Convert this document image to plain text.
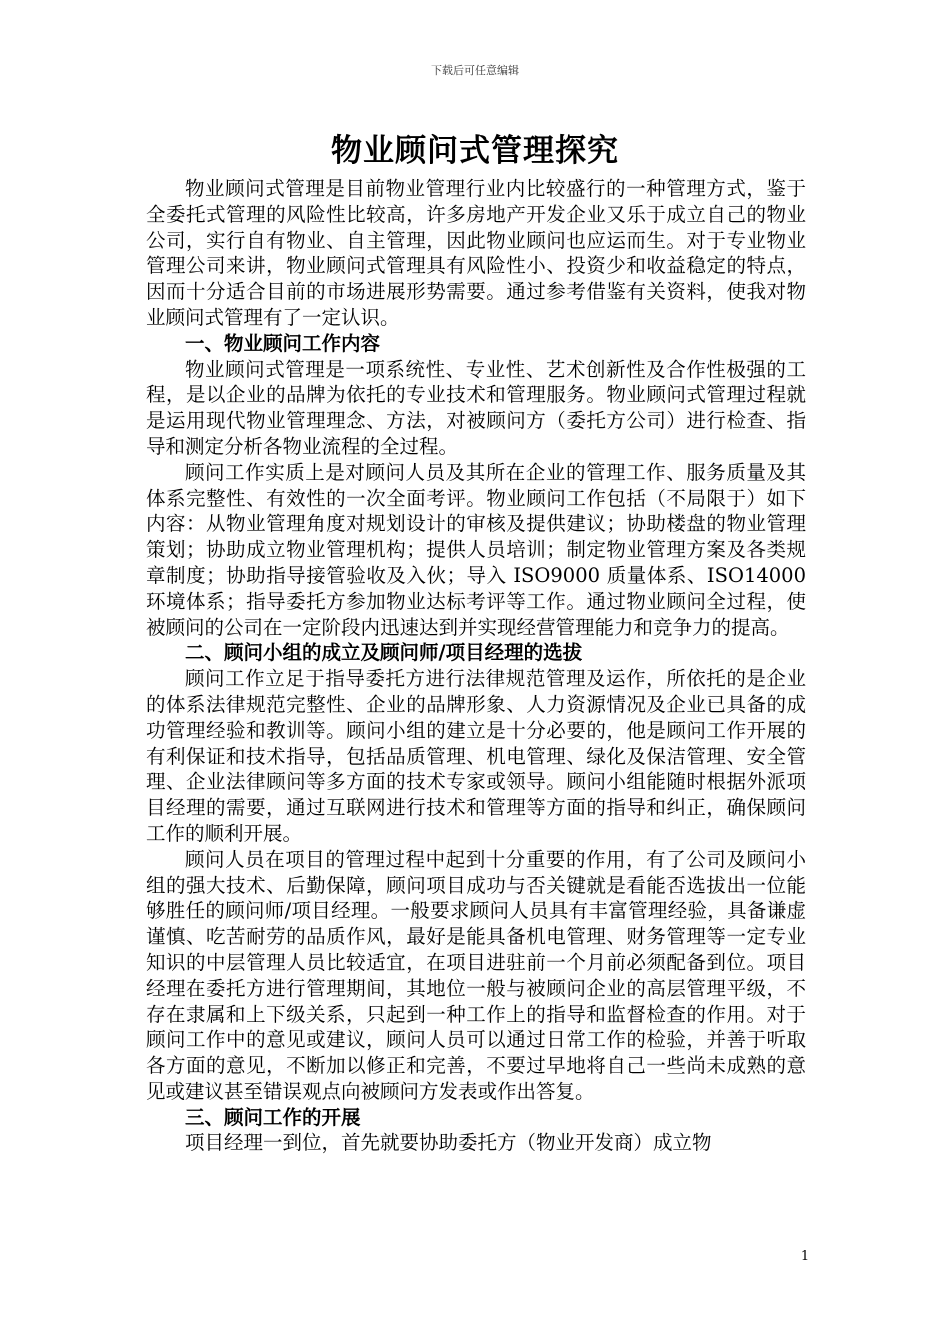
下载后可任意编辑
物业顾问式管理探究

物业顾问式管理是目前物业管理行业内比较盛行的一种管理方式，鉴于全委托式管理的风险性比较高，许多房地产开发企业又乐于成立自己的物业公司，实行自有物业、自主管理，因此物业顾问也应运而生。对于专业物业管理公司来讲，物业顾问式管理具有风险性小、投资少和收益稳定的特点，因而十分适合目前的市场进展形势需要。通过参考借鉴有关资料，使我对物业顾问式管理有了一定认识。

一、物业顾问工作内容

物业顾问式管理是一项系统性、专业性、艺术创新性及合作性极强的工程，是以企业的品牌为依托的专业技术和管理服务。物业顾问式管理过程就是运用现代物业管理理念、方法，对被顾问方（委托方公司）进行检查、指导和测定分析各物业流程的全过程。

顾问工作实质上是对顾问人员及其所在企业的管理工作、服务质量及其体系完整性、有效性的一次全面考评。物业顾问工作包括（不局限于）如下内容：从物业管理角度对规划设计的审核及提供建议；协助楼盘的物业管理策划；协助成立物业管理机构；提供人员培训；制定物业管理方案及各类规章制度；协助指导接管验收及入伙；导入 ISO9000 质量体系、ISO14000 环境体系；指导委托方参加物业达标考评等工作。通过物业顾问全过程，使被顾问的公司在一定阶段内迅速达到并实现经营管理能力和竞争力的提高。

二、顾问小组的成立及顾问师/项目经理的选拔

顾问工作立足于指导委托方进行法律规范管理及运作，所依托的是企业的体系法律规范完整性、企业的品牌形象、人力资源情况及企业已具备的成功管理经验和教训等。顾问小组的建立是十分必要的，他是顾问工作开展的有利保证和技术指导，包括品质管理、机电管理、绿化及保洁管理、安全管理、企业法律顾问等多方面的技术专家或领导。顾问小组能随时根据外派项目经理的需要，通过互联网进行技术和管理等方面的指导和纠正，确保顾问工作的顺利开展。

顾问人员在项目的管理过程中起到十分重要的作用，有了公司及顾问小组的强大技术、后勤保障，顾问项目成功与否关键就是看能否选拔出一位能够胜任的顾问师/项目经理。一般要求顾问人员具有丰富管理经验，具备谦虚谨慎、吃苦耐劳的品质作风，最好是能具备机电管理、财务管理等一定专业知识的中层管理人员比较适宜，在项目进驻前一个月前必须配备到位。项目经理在委托方进行管理期间，其地位一般与被顾问企业的高层管理平级，不存在隶属和上下级关系，只起到一种工作上的指导和监督检查的作用。对于顾问工作中的意见或建议，顾问人员可以通过日常工作的检验，并善于听取各方面的意见，不断加以修正和完善，不要过早地将自己一些尚未成熟的意见或建议甚至错误观点向被顾问方发表或作出答复。

三、顾问工作的开展

项目经理一到位，首先就要协助委托方（物业开发商）成立物

1
